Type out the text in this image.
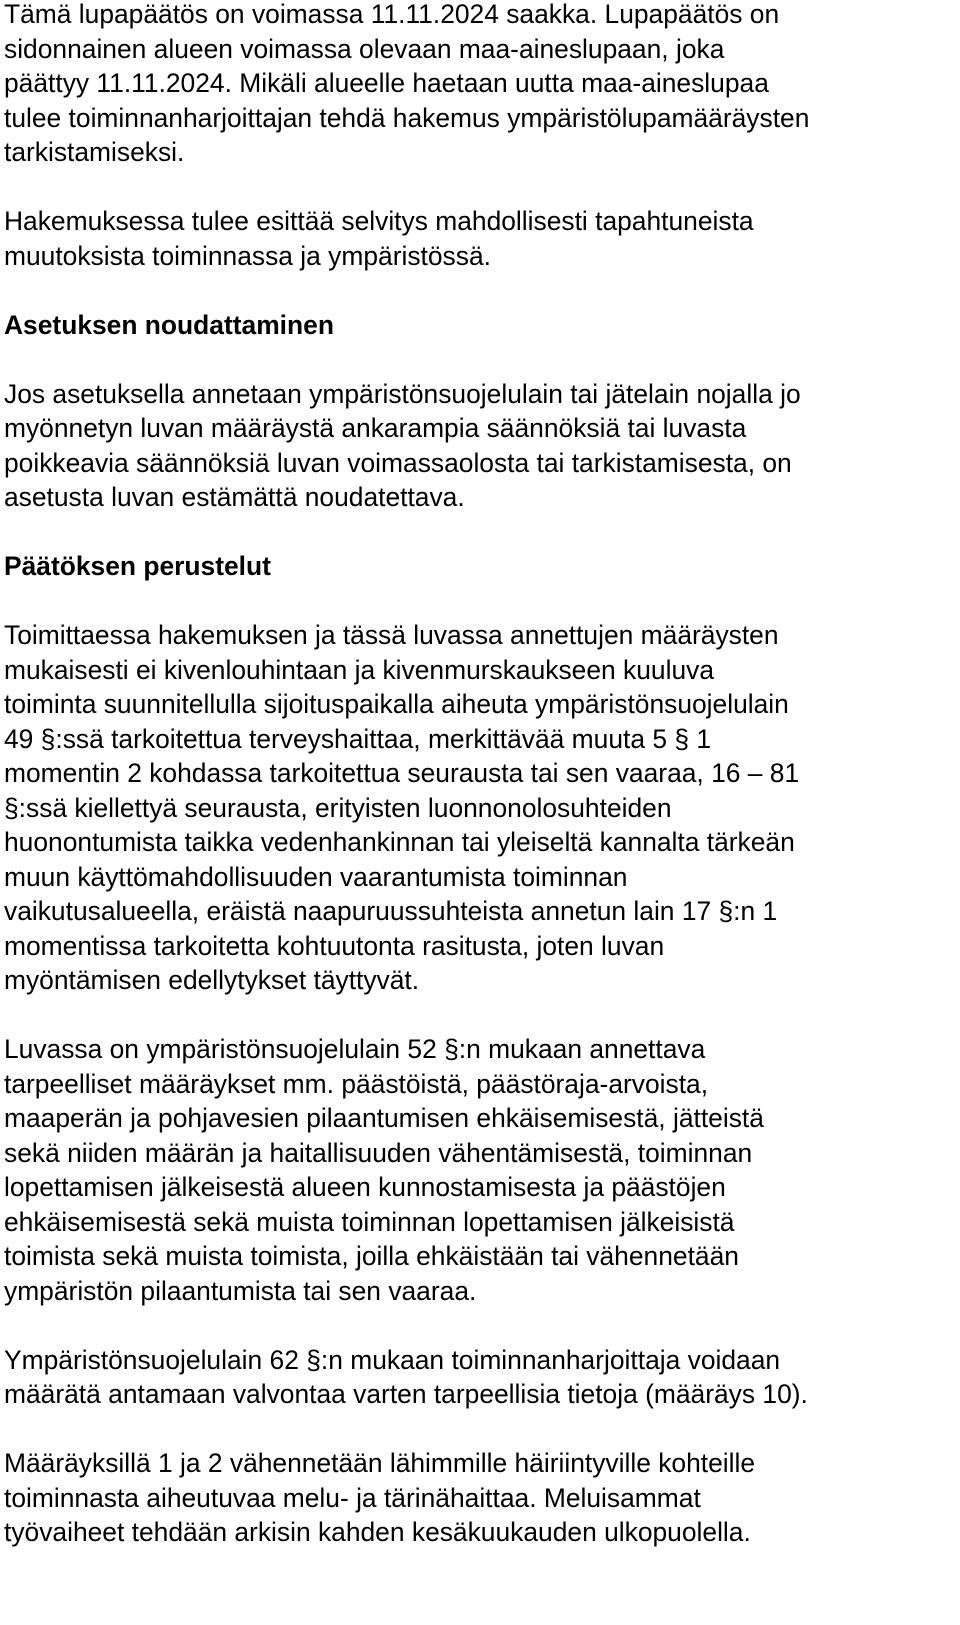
Tämä lupapäätös on voimassa 11.11.2024 saakka. Lupapäätös on
sidonnainen alueen voimassa olevaan maa-aineslupaan, joka
päättyy 11.11.2024. Mikäli alueelle haetaan uutta maa-aineslupaa
tulee toiminnanharjoittajan tehdä hakemus ympäristölupamääräysten
tarkistamiseksi.

Hakemuksessa tulee esittää selvitys mahdollisesti tapahtuneista
muutoksista toiminnassa ja ympäristössä.

Asetuksen noudattaminen

Jos asetuksella annetaan ympäristönsuojelulain tai jätelain nojalla jo
myönnetyn luvan määräystä ankarampia säännöksiä tai luvasta
poikkeavia säännöksiä luvan voimassaolosta tai tarkistamisesta, on
asetusta luvan estämättä noudatettava.

Päätöksen perustelut

Toimittaessa hakemuksen ja tässä luvassa annettujen määräysten
mukaisesti ei kivenlouhintaan ja kivenmurskaukseen kuuluva
toiminta suunnitellulla sijoituspaikalla aiheuta ympäristönsuojelulain
49 §:ssä tarkoitettua terveyshaittaa, merkittävää muuta 5 § 1
momentin 2 kohdassa tarkoitettua seurausta tai sen vaaraa, 16 – 81
§:ssä kiellettyä seurausta, erityisten luonnonolosuhteiden
huonontumista taikka vedenhankinnan tai yleiseltä kannalta tärkeän
muun käyttömahdollisuuden vaarantumista toiminnan
vaikutusalueella, eräistä naapuruussuhteista annetun lain 17 §:n 1
momentissa tarkoitetta kohtuutonta rasitusta, joten luvan
myöntämisen edellytykset täyttyvät.

Luvassa on ympäristönsuojelulain 52 §:n mukaan annettava
tarpeelliset määräykset mm. päästöistä, päästöraja-arvoista,
maaperän ja pohjavesien pilaantumisen ehkäisemisestä, jätteistä
sekä niiden määrän ja haitallisuuden vähentämisestä, toiminnan
lopettamisen jälkeisestä alueen kunnostamisesta ja päästöjen
ehkäisemisestä sekä muista toiminnan lopettamisen jälkeisistä
toimista sekä muista toimista, joilla ehkäistään tai vähennetään
ympäristön pilaantumista tai sen vaaraa.

Ympäristönsuojelulain 62 §:n mukaan toiminnanharjoittaja voidaan
määrätä antamaan valvontaa varten tarpeellisia tietoja (määräys 10).

Määräyksillä 1 ja 2 vähennetään lähimmille häiriintyville kohteille
toiminnasta aiheutuvaa melu- ja tärinähaittaa. Meluisammat
työvaiheet tehdään arkisin kahden kesäkuukauden ulkopuolella.
